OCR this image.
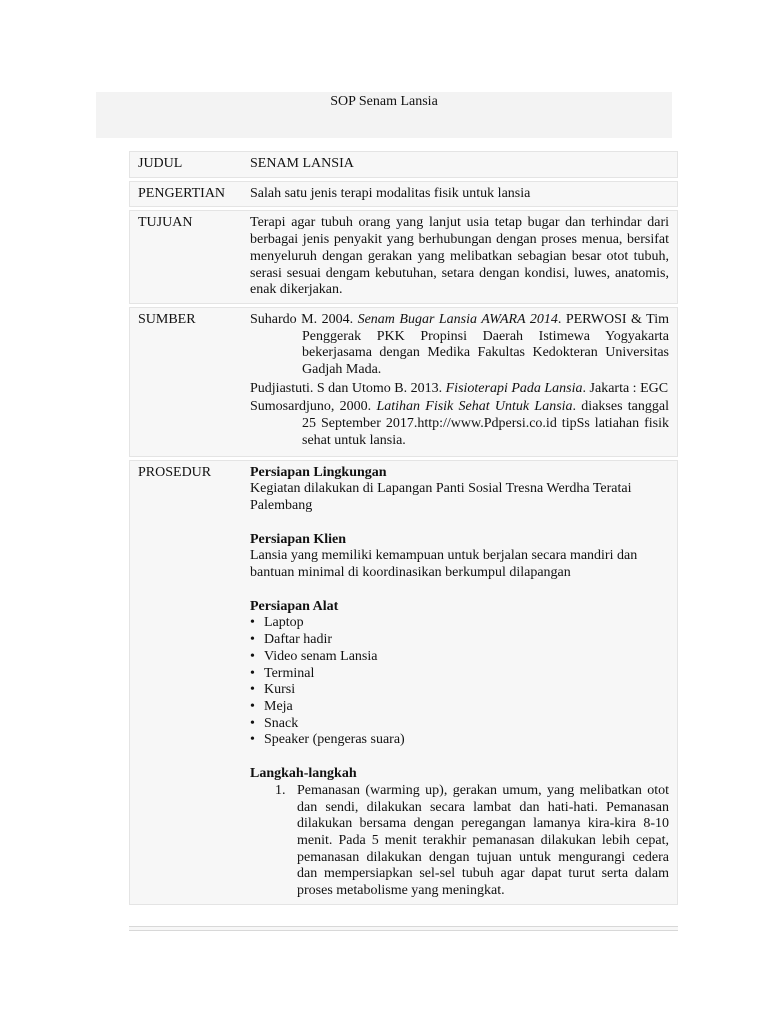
SOP Senam Lansia
JUDUL	SENAM LANSIA
PENGERTIAN	Salah satu jenis terapi modalitas fisik untuk lansia
TUJUAN	Terapi agar tubuh orang yang lanjut usia tetap bugar dan terhindar dari berbagai jenis penyakit yang berhubungan dengan proses menua, bersifat menyeluruh dengan gerakan yang melibatkan sebagian besar otot tubuh, serasi sesuai dengam kebutuhan, setara dengan kondisi, luwes, anatomis, enak dikerjakan.
SUMBER	Suhardo M. 2004. Senam Bugar Lansia AWARA 2014. PERWOSI & Tim Penggerak PKK Propinsi Daerah Istimewa Yogyakarta bekerjasama dengan Medika Fakultas Kedokteran Universitas Gadjah Mada.

Pudjiastuti. S dan Utomo B. 2013. Fisioterapi Pada Lansia. Jakarta : EGC

Sumosardjuno, 2000. Latihan Fisik Sehat Untuk Lansia. diakses tanggal 25 September 2017.http://www.Pdpersi.co.id tipSs latiahan fisik sehat untuk lansia.

PROSEDUR	Persiapan Lingkungan
Kegiatan dilakukan di Lapangan Panti Sosial Tresna Werdha Teratai Palembang
Persiapan Klien
Lansia yang memiliki kemampuan untuk berjalan secara mandiri dan bantuan minimal di koordinasikan berkumpul dilapangan
Persiapan Alat
• Laptop
• Daftar hadir
• Video senam Lansia
• Terminal
• Kursi
• Meja
• Snack
• Speaker (pengeras suara)
Langkah-langkah
1. Pemanasan (warming up), gerakan umum, yang melibatkan otot dan sendi, dilakukan secara lambat dan hati-hati. Pemanasan dilakukan bersama dengan peregangan lamanya kira-kira 8-10 menit. Pada 5 menit terakhir pemanasan dilakukan lebih cepat, pemanasan dilakukan dengan tujuan untuk mengurangi cedera dan mempersiapkan sel-sel tubuh agar dapat turut serta dalam proses metabolisme yang meningkat.
